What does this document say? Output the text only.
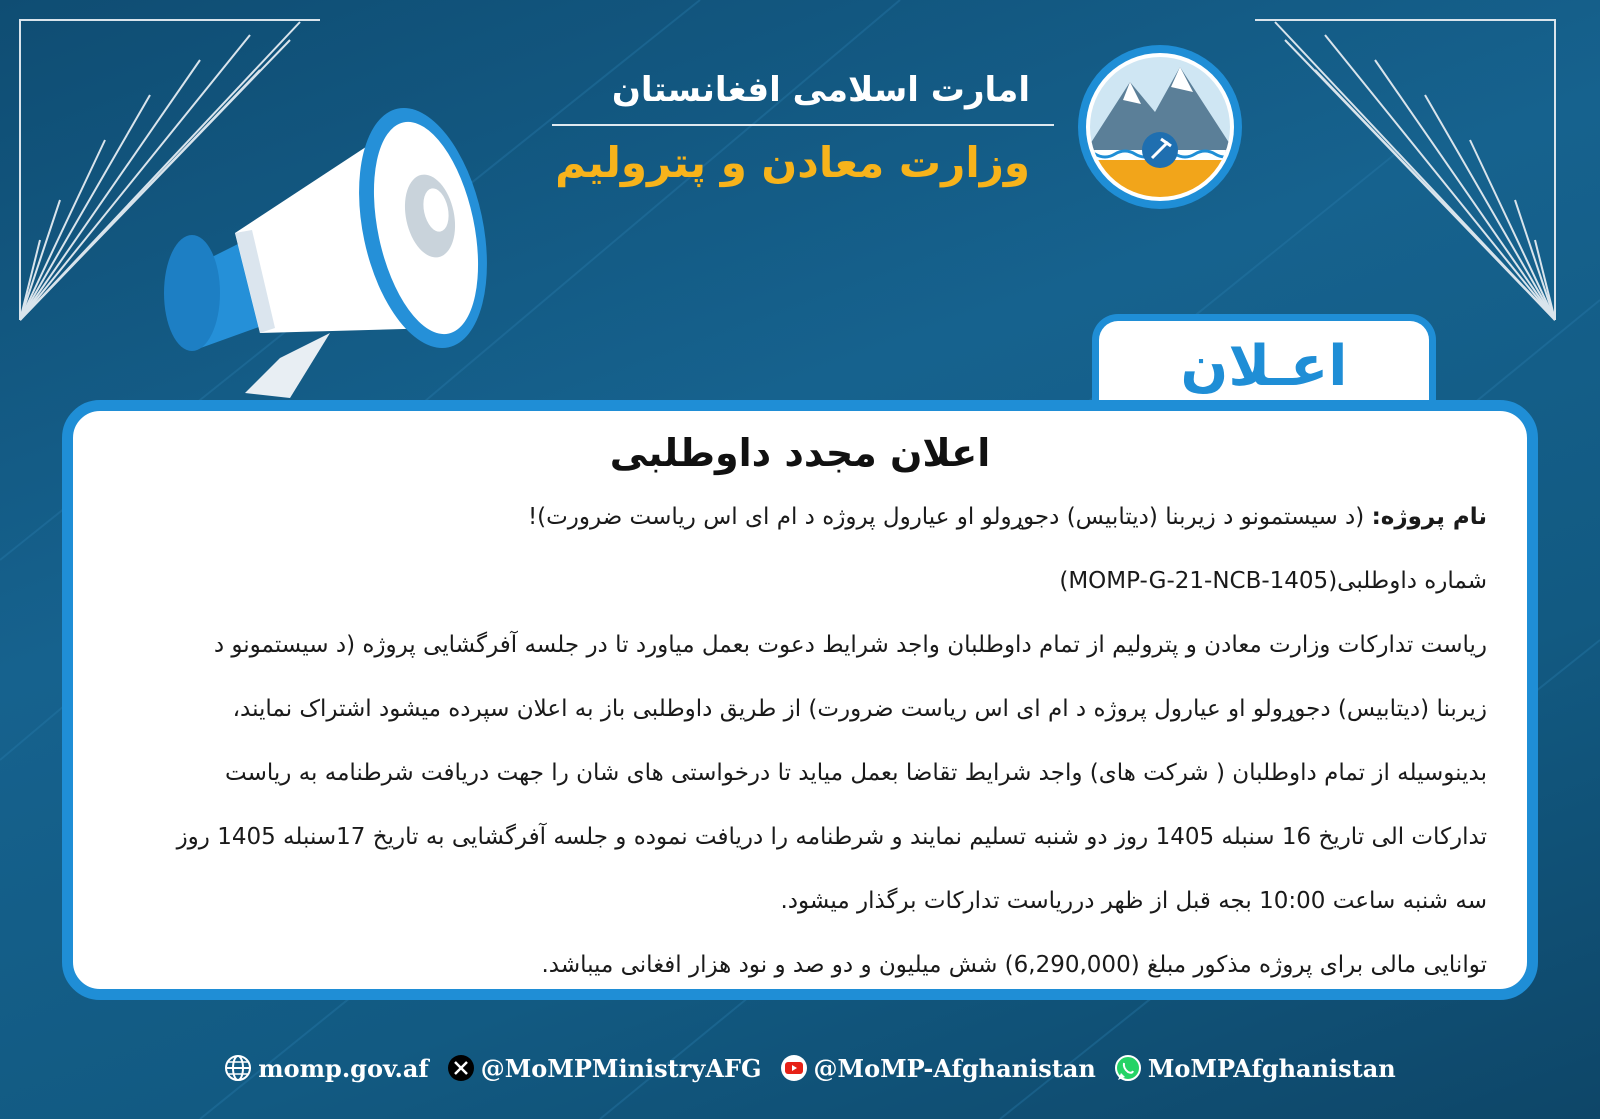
امارت اسلامی افغانستان
وزارت معادن و پترولیم
اعـلان
اعلان مجدد داوطلبی
نام پروژه: (د سیستمونو د زیربنا (دیتابیس) دجوړولو او عیارول پروژه د ام ای اس ریاست ضرورت)!
شماره داوطلبی(MOMP-G-21-NCB-1405)
ریاست تدارکات وزارت معادن و پترولیم از تمام داوطلبان واجد شرایط دعوت بعمل میاورد تا در جلسه آفرگشایی پروژه (د سیستمونو د
زیربنا (دیتابیس) دجوړولو او عیارول پروژه د ام ای اس ریاست ضرورت) از طریق داوطلبی باز به اعلان سپرده میشود اشتراک نمایند،
بدینوسیله از تمام داوطلبان ( شرکت های) واجد شرایط تقاضا بعمل میاید تا درخواستی های شان را جهت دریافت شرطنامه به ریاست
تدارکات الی تاریخ 16 سنبله 1405 روز دو شنبه تسلیم نمایند و شرطنامه را دریافت نموده و جلسه آفرگشایی به تاریخ 17سنبله 1405 روز
سه شنبه ساعت 10:00 بجه قبل از ظهر درریاست تدارکات برگذار میشود.
توانایی مالی برای پروژه مذکور مبلغ (6,290,000) شش میلیون و دو صد و نود هزار افغانی میباشد.
momp.gov.af @MoMPMinistryAFG @MoMP-Afghanistan MoMPAfghanistan
